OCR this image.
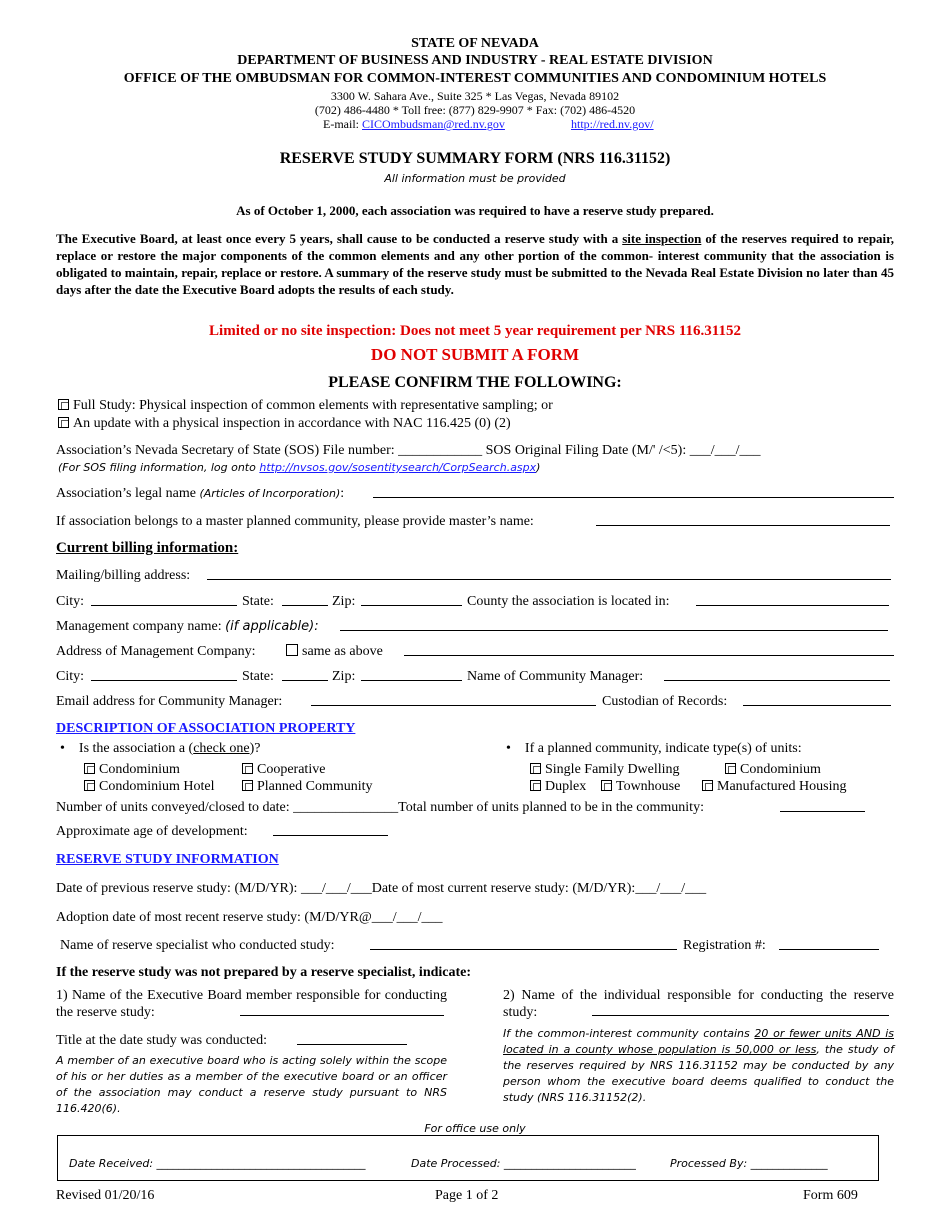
STATE OF NEVADA
DEPARTMENT OF BUSINESS AND INDUSTRY - REAL ESTATE DIVISION
OFFICE OF THE OMBUDSMAN FOR COMMON-INTEREST COMMUNITIES AND CONDOMINIUM HOTELS
3300 W. Sahara Ave., Suite 325 * Las Vegas, Nevada 89102
(702) 486-4480 * Toll free: (877) 829-9907 * Fax: (702) 486-4520
E-mail: CICOmbudsman@red.nv.gov	http://red.nv.gov/
RESERVE STUDY SUMMARY FORM (NRS 116.31152)
All information must be provided
As of October 1, 2000, each association was required to have a reserve study prepared.
The Executive Board, at least once every 5 years, shall cause to be conducted a reserve study with a site inspection of the reserves required to repair, replace or restore the major components of the common elements and any other portion of the common- interest community that the association is obligated to maintain, repair, replace or restore. A summary of the reserve study must be submitted to the Nevada Real Estate Division no later than 45 days after the date the Executive Board adopts the results of each study.
Limited or no site inspection: Does not meet 5 year requirement per NRS 116.31152
DO NOT SUBMIT A FORM
PLEASE CONFIRM THE FOLLOWING:
Full Study: Physical inspection of common elements with representative sampling; or
An update with a physical inspection in accordance with NAC 116.425 (0) (2)
Association’s Nevada Secretary of State (SOS) File number: ____________ SOS Original Filing Date (M/' /<5): ___/___/___
(For SOS filing information, log onto http://nvsos.gov/sosentitysearch/CorpSearch.aspx)
Association’s legal name (Articles of Incorporation):
If association belongs to a master planned community, please provide master’s name:
Current billing information:
Mailing/billing address:
City:	State:	Zip:	County the association is located in:
Management company name: (if applicable):
Address of Management Company:	same as above
City:	State:	Zip:	Name of Community Manager:
Email address for Community Manager:	Custodian of Records:
DESCRIPTION OF ASSOCIATION PROPERTY
• Is the association a (check one)?
Condominium	Cooperative
Condominium Hotel	Planned Community
• If a planned community, indicate type(s) of units:
Single Family Dwelling	Condominium
Duplex	Townhouse	Manufactured Housing
Number of units conveyed/closed to date: _______________Total number of units planned to be in the community:
Approximate age of development:
RESERVE STUDY INFORMATION
Date of previous reserve study: (M/D/YR): ___/___/___Date of most current reserve study: (M/D/YR):___/___/___
Adoption date of most recent reserve study: (M/D/YR@___/___/___
Name of reserve specialist who conducted study:	Registration #:
If the reserve study was not prepared by a reserve specialist, indicate:
1) Name of the Executive Board member responsible for conducting the reserve study:
Title at the date study was conducted:
A member of an executive board who is acting solely within the scope of his or her duties as a member of the executive board or an officer of the association may conduct a reserve study pursuant to NRS 116.420(6).
2) Name of the individual responsible for conducting the reserve study:
If the common-interest community contains 20 or fewer units AND is located in a county whose population is 50,000 or less, the study of the reserves required by NRS 116.31152 may be conducted by any person whom the executive board deems qualified to conduct the study (NRS 116.31152(2).
For office use only
Date Received: ______________________________________	Date Processed: ________________________	Processed By: ______________
Revised 01/20/16	Page 1 of 2	Form 609
